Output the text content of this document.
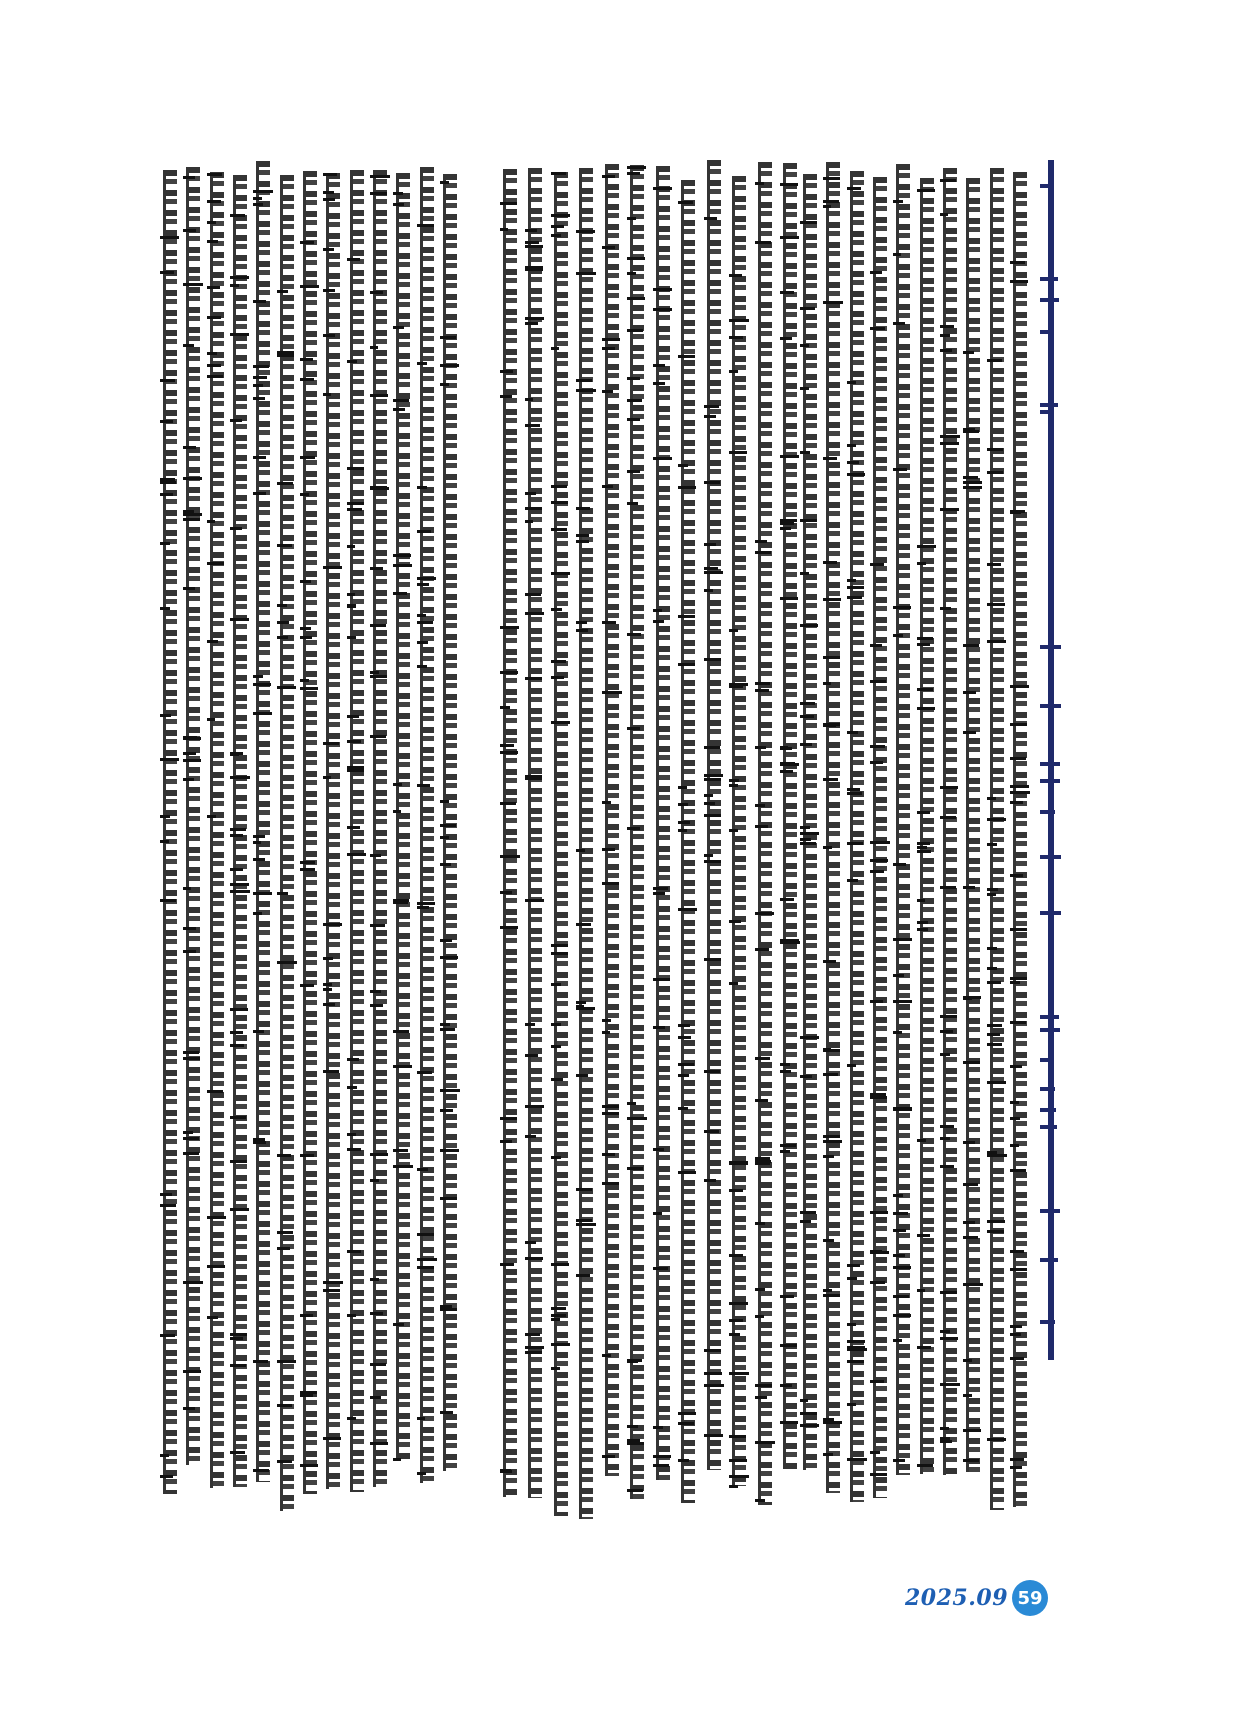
2025.09 59
